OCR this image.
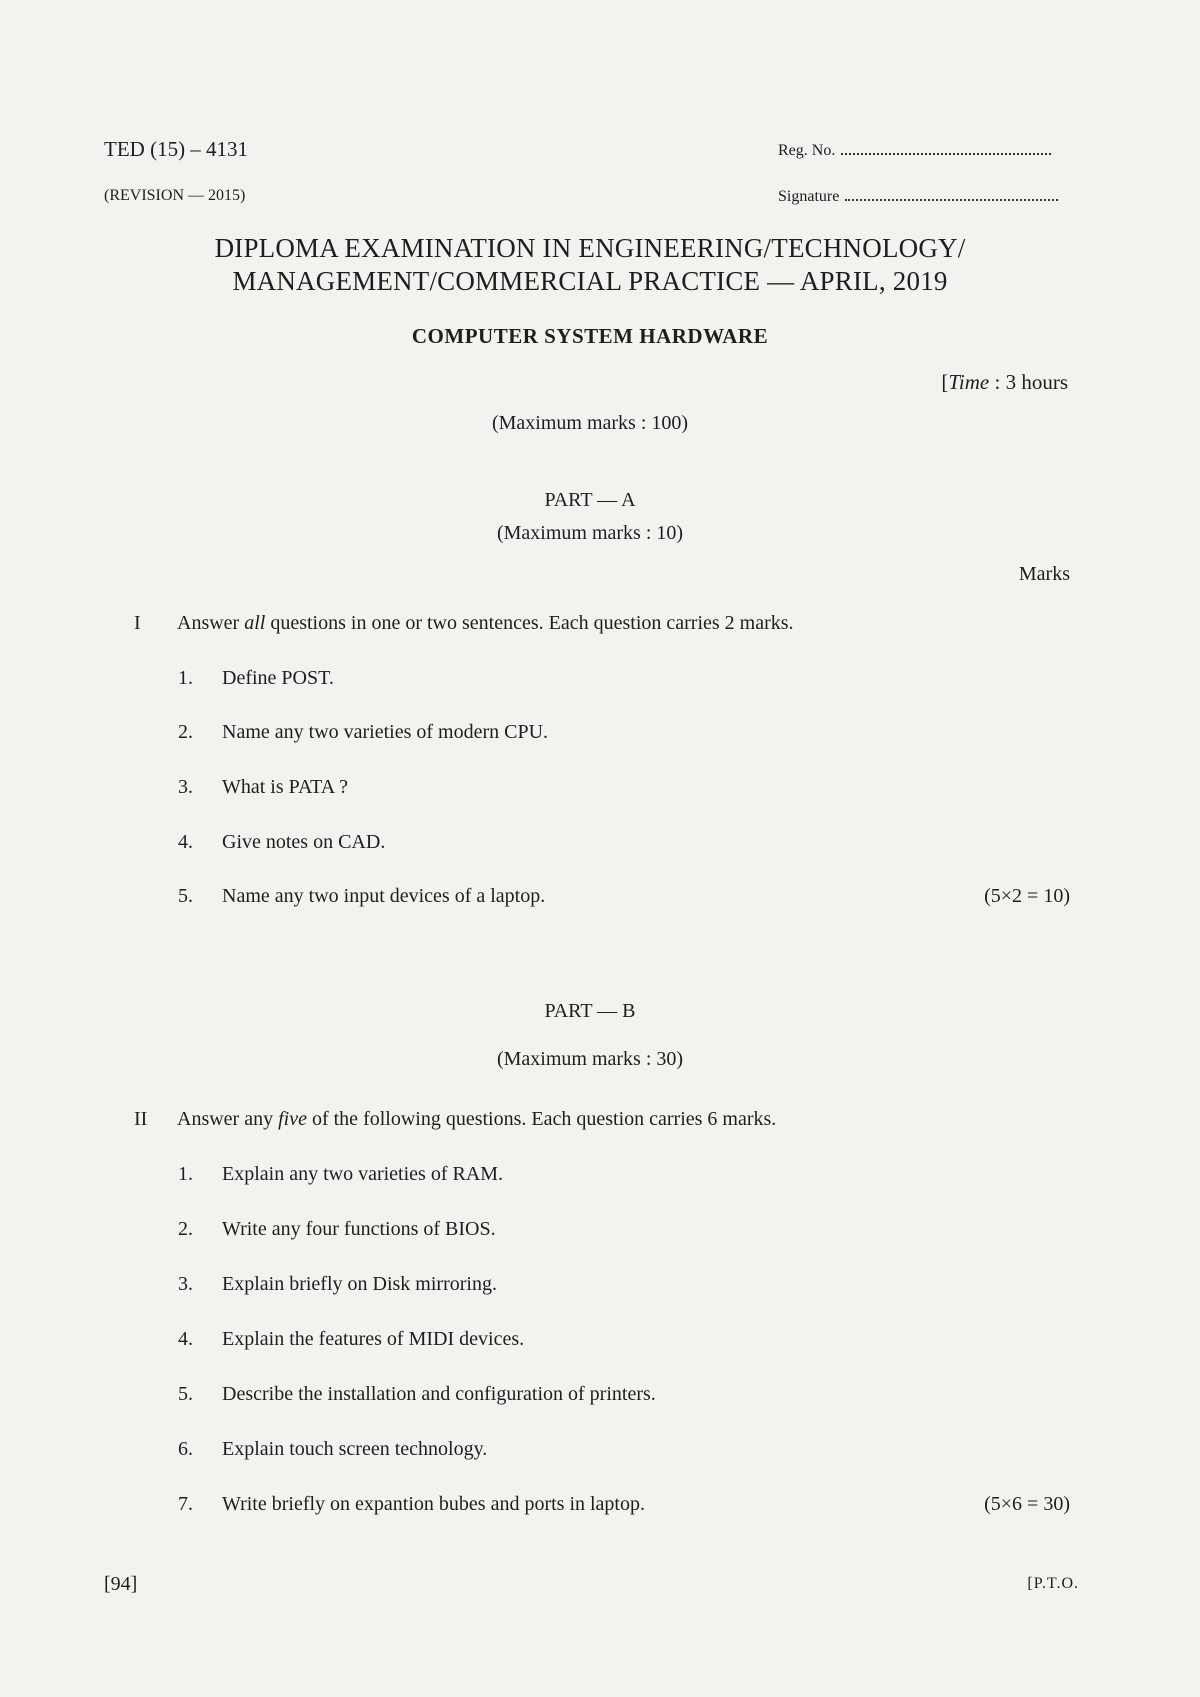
TED (15) – 4131
(REVISION — 2015)
Reg. No.
Signature
DIPLOMA EXAMINATION IN ENGINEERING/TECHNOLOGY/
MANAGEMENT/COMMERCIAL PRACTICE — APRIL, 2019
COMPUTER SYSTEM HARDWARE
[Time : 3 hours
(Maximum marks : 100)
PART — A
(Maximum marks : 10)
Marks
I Answer all questions in one or two sentences. Each question carries 2 marks.
1. Define POST.
2. Name any two varieties of modern CPU.
3. What is PATA ?
4. Give notes on CAD.
5. Name any two input devices of a laptop.	(5×2 = 10)
PART — B
(Maximum marks : 30)
II Answer any five of the following questions. Each question carries 6 marks.
1. Explain any two varieties of RAM.
2. Write any four functions of BIOS.
3. Explain briefly on Disk mirroring.
4. Explain the features of MIDI devices.
5. Describe the installation and configuration of printers.
6. Explain touch screen technology.
7. Write briefly on expantion bubes and ports in laptop.	(5×6 = 30)
[94]	[P.T.O.
